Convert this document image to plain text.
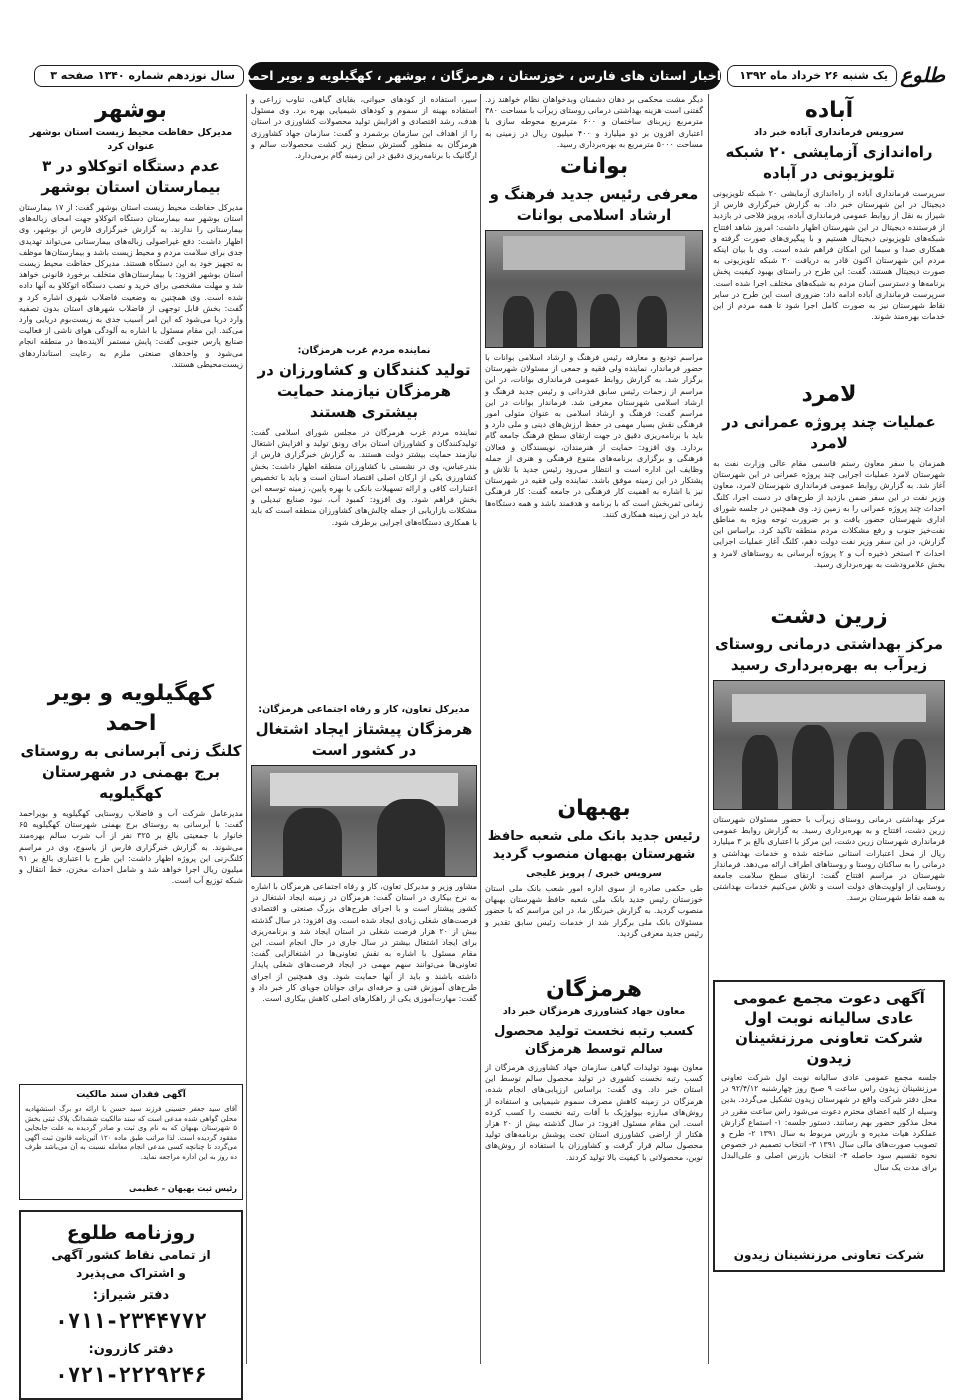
طلوع
یک شنبه ۲۶ خرداد ماه ۱۳۹۲
اخبار استان های فارس ، خوزستان ، هرمزگان ، بوشهر ، کهگیلویه و بویر احمد
سال نوزدهم شماره ۱۳۴۰ صفحه ۳
آباده
سرویس فرمانداری آباده خبر داد
راه‌اندازی آزمایشی ۲۰ شبکه تلویزیونی در آباده
سرپرست فرمانداری آباده از راه‌اندازی آزمایشی ۲۰ شبکه تلویزیونی دیجیتال در این شهرستان خبر داد. به گزارش خبرگزاری فارس از شیراز به نقل از روابط عمومی فرمانداری آباده، پرویز فلاحی در بازدید از فرستنده دیجیتال در این شهرستان اظهار داشت: امروز شاهد افتتاح شبکه‌های تلویزیونی دیجیتال هستیم و با پیگیری‌های صورت گرفته و همکاری صدا و سیما این امکان فراهم شده است. وی با بیان اینکه مردم این شهرستان اکنون قادر به دریافت ۲۰ شبکه تلویزیونی به صورت دیجیتال هستند، گفت: این طرح در راستای بهبود کیفیت پخش برنامه‌ها و دسترسی آسان مردم به شبکه‌های مختلف اجرا شده است. سرپرست فرمانداری آباده ادامه داد: ضروری است این طرح در سایر نقاط شهرستان نیز به صورت کامل اجرا شود تا همه مردم از این خدمات بهره‌مند شوند.
لامرد
عملیات چند پروژه عمرانی در لامرد
همزمان با سفر معاون رستم قاسمی مقام عالی وزارت نفت به شهرستان لامرد عملیات اجرایی چند پروژه عمرانی در این شهرستان آغاز شد. به گزارش روابط عمومی فرمانداری شهرستان لامرد، معاون وزیر نفت در این سفر ضمن بازدید از طرح‌های در دست اجرا، کلنگ احداث چند پروژه عمرانی را به زمین زد. وی همچنین در جلسه شورای اداری شهرستان حضور یافت و بر ضرورت توجه ویژه به مناطق نفت‌خیز جنوب و رفع مشکلات مردم منطقه تاکید کرد. براساس این گزارش، در این سفر وزیر نفت دولت دهم، کلنگ آغاز عملیات اجرایی احداث ۳ استخر ذخیره آب و ۲ پروژه آبرسانی به روستاهای لامرد و بخش علامرودشت به بهره‌برداری رسید.
زرین دشت
مرکز بهداشتی درمانی روستای زیرآب به بهره‌برداری رسید
مرکز بهداشتی درمانی روستای زیرآب با حضور مسئولان شهرستان زرین دشت، افتتاح و به بهره‌برداری رسید. به گزارش روابط عمومی فرمانداری شهرستان زرین دشت، این مرکز با اعتباری بالغ بر ۳ میلیارد ریال از محل اعتبارات استانی ساخته شده و خدمات بهداشتی و درمانی را به ساکنان روستا و روستاهای اطراف ارائه می‌دهد. فرماندار شهرستان در مراسم افتتاح گفت: ارتقای سطح سلامت جامعه روستایی از اولویت‌های دولت است و تلاش می‌کنیم خدمات بهداشتی به همه نقاط شهرستان برسد.
آگهی دعوت مجمع عمومی عادی سالیانه نوبت اول شرکت تعاونی مرزنشینان زیدون
جلسه مجمع عمومی عادی سالیانه نوبت اول شرکت تعاونی مرزنشینان زیدون راس ساعت ۹ صبح روز چهارشنبه ۹۲/۴/۱۲ در محل دفتر شرکت واقع در شهرستان زیدون تشکیل می‌گردد. بدین وسیله از کلیه اعضای محترم دعوت می‌شود راس ساعت مقرر در محل مذکور حضور بهم رسانند. دستور جلسه: ۱- استماع گزارش عملکرد هیات مدیره و بازرس مربوط به سال ۱۳۹۱ ۲- طرح و تصویب صورت‌های مالی سال ۱۳۹۱ ۳- انتخاب تصمیم در خصوص نحوه تقسیم سود حاصله ۴- انتخاب بازرس اصلی و علی‌البدل برای مدت یک سال
شرکت تعاونی مرزنشینان زیدون
دیگر مشت محکمی بر دهان دشمنان وبدخواهان نظام خواهند زد. گفتنی است هزینه بهداشتی درمانی روستای زیرآب با مساحت ۳۸۰ مترمربع زیربنای ساختمان و ۶۰۰ مترمربع محوطه سازی با اعتباری افزون بر دو میلیارد و ۴۰۰ میلیون ریال در زمینی به مساحت ۵۰۰۰ مترمربع به بهره‌برداری رسید.
بوانات
معرفی رئیس جدید فرهنگ و ارشاد اسلامی بوانات
مراسم تودیع و معارفه رئیس فرهنگ و ارشاد اسلامی بوانات با حضور فرماندار، نماینده ولی فقیه و جمعی از مسئولان شهرستان برگزار شد. به گزارش روابط عمومی فرمانداری بوانات، در این مراسم از زحمات رئیس سابق قدردانی و رئیس جدید فرهنگ و ارشاد اسلامی شهرستان معرفی شد. فرماندار بوانات در این مراسم گفت: فرهنگ و ارشاد اسلامی به عنوان متولی امور فرهنگی نقش بسیار مهمی در حفظ ارزش‌های دینی و ملی دارد و باید با برنامه‌ریزی دقیق در جهت ارتقای سطح فرهنگ جامعه گام بردارد. وی افزود: حمایت از هنرمندان، نویسندگان و فعالان فرهنگی و برگزاری برنامه‌های متنوع فرهنگی و هنری از جمله وظایف این اداره است و انتظار می‌رود رئیس جدید با تلاش و پشتکار در این زمینه موفق باشد. نماینده ولی فقیه در شهرستان نیز با اشاره به اهمیت کار فرهنگی در جامعه گفت: کار فرهنگی زمانی ثمربخش است که با برنامه و هدفمند باشد و همه دستگاه‌ها باید در این زمینه همکاری کنند.
بهبهان
رئیس جدید بانک ملی شعبه حافظ شهرستان بهبهان منصوب گردید
سرویس خبری / پرویز غلیجی
طی حکمی صادره از سوی اداره امور شعب بانک ملی استان خوزستان رئیس جدید بانک ملی شعبه حافظ شهرستان بهبهان منصوب گردید. به گزارش خبرنگار ما، در این مراسم که با حضور مسئولان بانک ملی برگزار شد از خدمات رئیس سابق تقدیر و رئیس جدید معرفی گردید.
هرمزگان
معاون جهاد کشاورزی هرمزگان خبر داد
کسب رتبه نخست تولید محصول سالم توسط هرمزگان
معاون بهبود تولیدات گیاهی سازمان جهاد کشاورزی هرمزگان از کسب رتبه نخست کشوری در تولید محصول سالم توسط این استان خبر داد. وی گفت: براساس ارزیابی‌های انجام شده، هرمزگان در زمینه کاهش مصرف سموم شیمیایی و استفاده از روش‌های مبارزه بیولوژیک با آفات رتبه نخست را کسب کرده است. این مقام مسئول افزود: در سال گذشته بیش از ۲۰ هزار هکتار از اراضی کشاورزی استان تحت پوشش برنامه‌های تولید محصول سالم قرار گرفت و کشاورزان با استفاده از روش‌های نوین، محصولاتی با کیفیت بالا تولید کردند.
سیر، استفاده از کودهای حیوانی، بقایای گیاهی، تناوب زراعی و استفاده بهینه از سموم و کودهای شیمیایی بهره برد. وی مسئول هدف، رشد اقتصادی و افزایش تولید محصولات کشاورزی در استان را از اهداف این سازمان برشمرد و گفت: سازمان جهاد کشاورزی هرمزگان به منظور گسترش سطح زیر کشت محصولات سالم و ارگانیک با برنامه‌ریزی دقیق در این زمینه گام برمی‌دارد.
نماینده مردم غرب هرمزگان:
تولید کنندگان و کشاورزان در هرمزگان نیازمند حمایت بیشتری هستند
نماینده مردم غرب هرمزگان در مجلس شورای اسلامی گفت: تولیدکنندگان و کشاورزان استان برای رونق تولید و افزایش اشتغال نیازمند حمایت بیشتر دولت هستند. به گزارش خبرگزاری فارس از بندرعباس، وی در نشستی با کشاورزان منطقه اظهار داشت: بخش کشاورزی یکی از ارکان اصلی اقتصاد استان است و باید با تخصیص اعتبارات کافی و ارائه تسهیلات بانکی با بهره پایین، زمینه توسعه این بخش فراهم شود. وی افزود: کمبود آب، نبود صنایع تبدیلی و مشکلات بازاریابی از جمله چالش‌های کشاورزان منطقه است که باید با همکاری دستگاه‌های اجرایی برطرف شود.
مدیرکل تعاون، کار و رفاه اجتماعی هرمزگان:
هرمزگان پیشتاز ایجاد اشتغال در کشور است
مشاور وزیر و مدیرکل تعاون، کار و رفاه اجتماعی هرمزگان با اشاره به نرخ بیکاری در استان گفت: هرمزگان در زمینه ایجاد اشتغال در کشور پیشتاز است و با اجرای طرح‌های بزرگ صنعتی و اقتصادی فرصت‌های شغلی زیادی ایجاد شده است. وی افزود: در سال گذشته بیش از ۲۰ هزار فرصت شغلی در استان ایجاد شد و برنامه‌ریزی برای ایجاد اشتغال بیشتر در سال جاری در حال انجام است. این مقام مسئول با اشاره به نقش تعاونی‌ها در اشتغالزایی گفت: تعاونی‌ها می‌توانند سهم مهمی در ایجاد فرصت‌های شغلی پایدار داشته باشند و باید از آنها حمایت شود. وی همچنین از اجرای طرح‌های آموزش فنی و حرفه‌ای برای جوانان جویای کار خبر داد و گفت: مهارت‌آموزی یکی از راهکارهای اصلی کاهش بیکاری است.
بوشهر
مدیرکل حفاظت محیط زیست استان بوشهر عنوان کرد
عدم دستگاه اتوکلاو در ۳ بیمارستان استان بوشهر
مدیرکل حفاظت محیط زیست استان بوشهر گفت: از ۱۷ بیمارستان استان بوشهر سه بیمارستان دستگاه اتوکلاو جهت امحای زباله‌های بیمارستانی را ندارند. به گزارش خبرگزاری فارس از بوشهر، وی اظهار داشت: دفع غیراصولی زباله‌های بیمارستانی می‌تواند تهدیدی جدی برای سلامت مردم و محیط زیست باشد و بیمارستان‌ها موظف به تجهیز خود به این دستگاه هستند. مدیرکل حفاظت محیط زیست استان بوشهر افزود: با بیمارستان‌های متخلف برخورد قانونی خواهد شد و مهلت مشخصی برای خرید و نصب دستگاه اتوکلاو به آنها داده شده است. وی همچنین به وضعیت فاضلاب شهری اشاره کرد و گفت: بخش قابل توجهی از فاضلاب شهرهای استان بدون تصفیه وارد دریا می‌شود که این امر آسیب جدی به زیست‌بوم دریایی وارد می‌کند. این مقام مسئول با اشاره به آلودگی هوای ناشی از فعالیت صنایع پارس جنوبی گفت: پایش مستمر آلاینده‌ها در منطقه انجام می‌شود و واحدهای صنعتی ملزم به رعایت استانداردهای زیست‌محیطی هستند.
کهگیلویه و بویر احمد
کلنگ زنی آبرسانی به روستای برج بهمنی در شهرستان کهگیلویه
مدیرعامل شرکت آب و فاضلاب روستایی کهگیلویه و بویراحمد گفت: با آبرسانی به روستای برج بهمنی شهرستان کهگیلویه ۶۵ خانوار با جمعیتی بالغ بر ۳۲۵ نفر از آب شرب سالم بهره‌مند می‌شوند. به گزارش خبرگزاری فارس از یاسوج، وی در مراسم کلنگ‌زنی این پروژه اظهار داشت: این طرح با اعتباری بالغ بر ۹۱ میلیون ریال اجرا خواهد شد و شامل احداث مخزن، خط انتقال و شبکه توزیع آب است.
آگهی فقدان سند مالکیت
آقای سید جعفر حسینی فرزند سید حسن با ارائه دو برگ استشهادیه محلی گواهی شده مدعی است که سند مالکیت ششدانگ پلاک ثبتی بخش ۵ شهرستان بهبهان که به نام وی ثبت و صادر گردیده به علت جابجایی مفقود گردیده است. لذا مراتب طبق ماده ۱۲۰ آئین‌نامه قانون ثبت آگهی می‌گردد تا چنانچه کسی مدعی انجام معامله نسبت به آن می‌باشد ظرف ده روز به این اداره مراجعه نماید.
رئیس ثبت بهبهان - عظیمی
روزنامه طلوع
از تمامی نقاط کشور آگهی
و اشتراک می‌پذیرد
دفتر شیراز:
۰۷۱۱-۲۳۴۴۷۷۲
دفتر کازرون:
۰۷۲۱-۲۲۲۹۲۴۶
